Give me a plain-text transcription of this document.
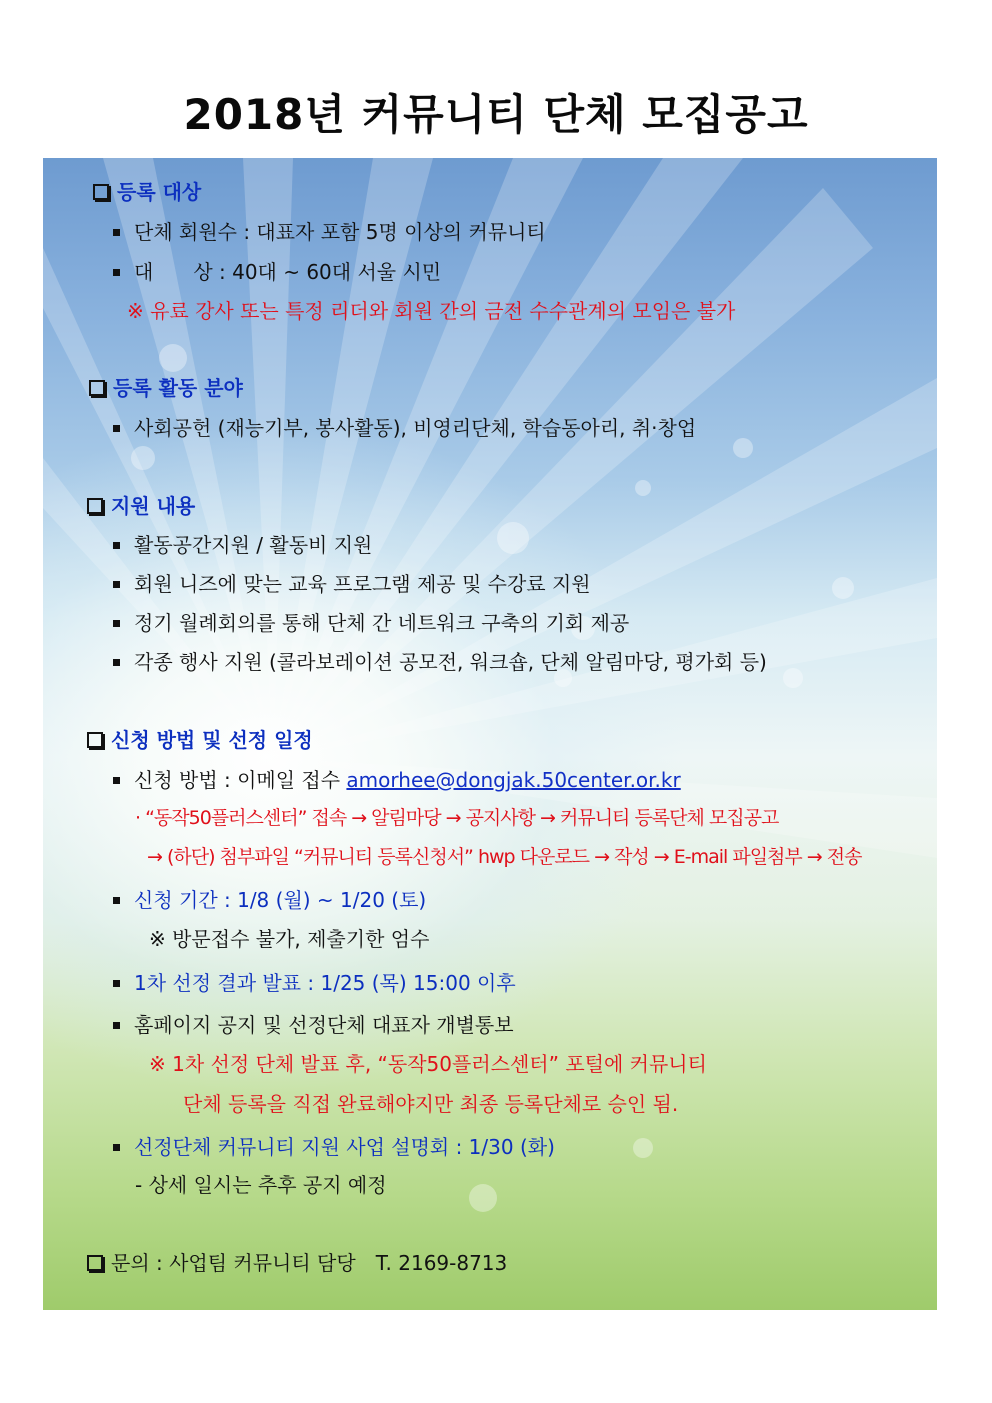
2018년 커뮤니티 단체 모집공고
등록 대상
단체 회원수 : 대표자 포함 5명 이상의 커뮤니티
대　　상 : 40대 ~ 60대 서울 시민
※ 유료 강사 또는 특정 리더와 회원 간의 금전 수수관계의 모임은 불가
등록 활동 분야
사회공헌 (재능기부, 봉사활동), 비영리단체, 학습동아리, 취·창업
지원 내용
활동공간지원 / 활동비 지원
회원 니즈에 맞는 교육 프로그램 제공 및 수강료 지원
정기 월례회의를 통해 단체 간 네트워크 구축의 기회 제공
각종 행사 지원 (콜라보레이션 공모전, 워크숍, 단체 알림마당, 평가회 등)
신청 방법 및 선정 일정
신청 방법 : 이메일 접수 amorhee@dongjak.50center.or.kr
· “동작50플러스센터” 접속 → 알림마당 → 공지사항 → 커뮤니티 등록단체 모집공고
→ (하단) 첨부파일 “커뮤니티 등록신청서” hwp 다운로드 → 작성 → E-mail 파일첨부 → 전송
신청 기간 : 1/8 (월) ~ 1/20 (토)
※ 방문접수 불가, 제출기한 엄수
1차 선정 결과 발표 : 1/25 (목) 15:00 이후
홈페이지 공지 및 선정단체 대표자 개별통보
※ 1차 선정 단체 발표 후, “동작50플러스센터” 포털에 커뮤니티
단체 등록을 직접 완료해야지만 최종 등록단체로 승인 됨.
선정단체 커뮤니티 지원 사업 설명회 : 1/30 (화)
- 상세 일시는 추후 공지 예정
문의 : 사업팀 커뮤니티 담당　T. 2169-8713
